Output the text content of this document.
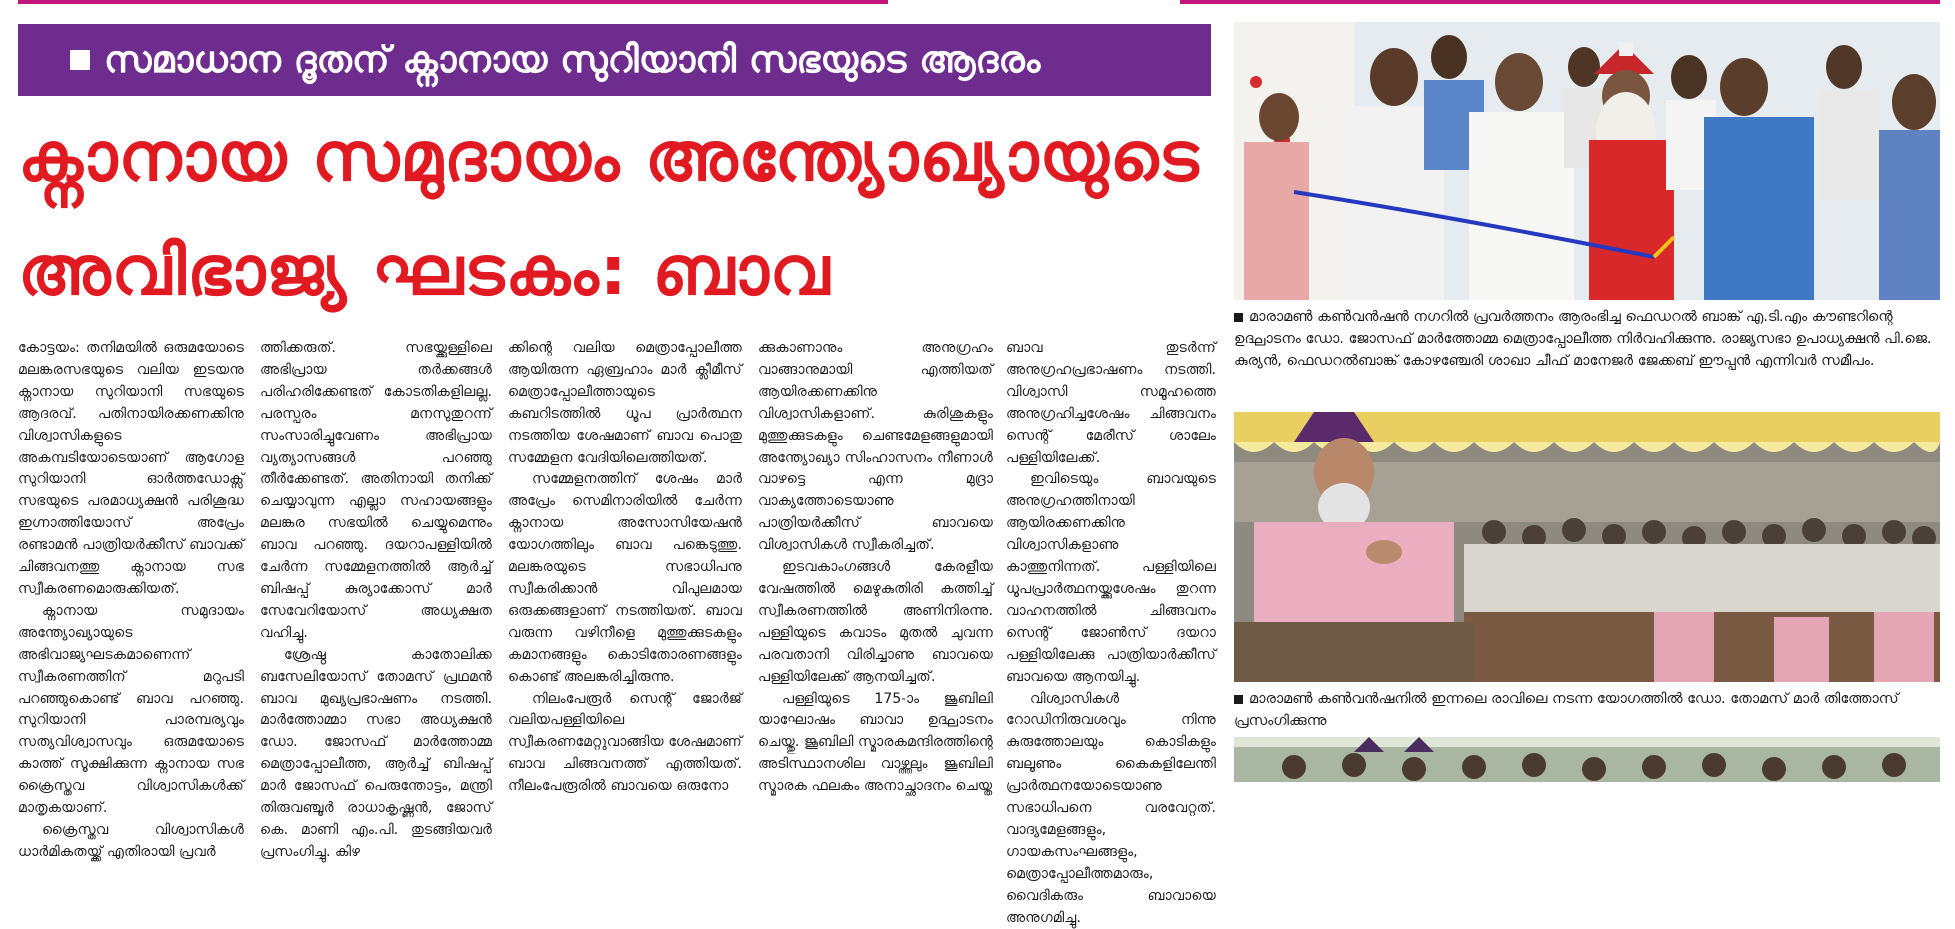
സമാധാന ദൂതന് ക്നാനായ സുറിയാനി സഭയുടെ ആദരം
ക്നാനായ സമുദായം അന്ത്യോഖ്യായുടെ
അവിഭാജ്യ ഘടകം: ബാവ

കോട്ടയം: തനിമയിൽ ഒരുമയോടെ മലങ്കരസഭയുടെ വലിയ ഇടയനു ക്നാനായ സുറിയാനി സഭയുടെ ആദരവ്. പതിനായിരക്കണക്കിനു വിശ്വാസികളുടെ അകമ്പടിയോടെയാണ് ആഗോള സുറിയാനി ഓർത്തഡോക്സ് സഭയുടെ പരമാധ്യക്ഷൻ പരിശുദ്ധ ഇഗ്നാത്തിയോസ് അപ്രേം രണ്ടാമൻ പാത്രിയർക്കീസ് ബാവക്ക് ചിങ്ങവനത്തു ക്നാനായ സഭ സ്വീകരണമൊരുക്കിയത്.

ക്നാനായ സമുദായം അന്ത്യോഖ്യായുടെ അഭിവാജ്യഘടകമാണെന്ന് സ്വീകരണത്തിന് മറുപടി പറഞ്ഞുകൊണ്ട് ബാവ പറഞ്ഞു. സുറിയാനി പാരമ്പര്യവും സത്യവിശ്വാസവും ഒരുമയോടെ കാത്ത് സൂക്ഷിക്കുന്ന ക്നാനായ സഭ ക്രൈസ്തവ വിശ്വാസികൾക്ക് മാതൃകയാണ്.

ക്രൈസ്തവ വിശ്വാസികൾ ധാർമികതയ്ക്ക് എതിരായി പ്രവർ

ത്തിക്കരുത്. സഭയ്ക്കുള്ളിലെ അഭിപ്രായ തർക്കങ്ങൾ പരിഹരിക്കേണ്ടത് കോടതികളിലല്ല. പരസ്പരം മനസുതുറന്ന് സംസാരിച്ചുവേണം അഭിപ്രായ വ്യത്യാസങ്ങൾ പറഞ്ഞു തീർക്കേണ്ടത്. അതിനായി തനിക്ക് ചെയ്യാവുന്ന എല്ലാ സഹായങ്ങളും മലങ്കര സഭയിൽ ചെയ്യുമെന്നും ബാവ പറഞ്ഞു. ദയറാപള്ളിയിൽ ചേർന്ന സമ്മേളനത്തിൽ ആർച്ച് ബിഷപ്പ് കുര്യാക്കോസ് മാർ സേവേറിയോസ് അധ്യക്ഷത വഹിച്ചു.

ശ്രേഷ്ഠ കാതോലിക്ക ബസേലിയോസ് തോമസ് പ്രഥമൻ ബാവ മുഖ്യപ്രഭാഷണം നടത്തി. മാർത്തോമ്മാ സഭാ അധ്യക്ഷൻ ഡോ. ജോസഫ് മാർത്തോമ്മ മെത്രാപ്പോലീത്ത, ആർച്ച് ബിഷപ്പ് മാർ ജോസഫ് പെരുന്തോട്ടം, മന്ത്രി തിരുവഞ്ചൂർ രാധാകൃഷ്ണൻ, ജോസ് കെ. മാണി എം.പി. തുടങ്ങിയവർ പ്രസംഗിച്ചു. കിഴ

ക്കിന്റെ വലിയ മെത്രാപ്പോലീത്ത ആയിരുന്ന ഏബ്രഹാം മാർ ക്ലീമീസ് മെത്രാപ്പോലീത്തായുടെ കബറിടത്തിൽ ധൂപ പ്രാർത്ഥന നടത്തിയ ശേഷമാണ് ബാവ പൊതു സമ്മേളന വേദിയിലെത്തിയത്.

സമ്മേളനത്തിന് ശേഷം മാർ അപ്രേം സെമിനാരിയിൽ ചേർന്ന ക്നാനായ അസോസിയേഷൻ യോഗത്തിലും ബാവ പങ്കെടുത്തു. മലങ്കരയുടെ സഭാധിപനു സ്വീകരിക്കാൻ വിപുലമായ ഒരുക്കങ്ങളാണ് നടത്തിയത്. ബാവ വരുന്ന വഴിനീളെ മുത്തുക്കുടകളും കമാനങ്ങളും കൊടിതോരണങ്ങളും കൊണ്ട് അലങ്കരിച്ചിരുന്നു.

നിലംപേരൂർ സെന്റ് ജോർജ് വലിയപള്ളിയിലെ സ്വീകരണമേറ്റുവാങ്ങിയ ശേഷമാണ് ബാവ ചിങ്ങവനത്ത് എത്തിയത്. നീലംപേരൂരിൽ ബാവയെ ഒരുനോ

ക്കുകാണാനും അനുഗ്രഹം വാങ്ങാനുമായി എത്തിയത് ആയിരക്കണക്കിനു വിശ്വാസികളാണ്. കുരിശുകളും മുത്തുക്കുടകളും ചെണ്ടമേളങ്ങളുമായി അന്ത്യോഖ്യാ സിംഹാസനം നീണാൾ വാഴട്ടെ എന്ന മുദ്രാ വാക്യത്തോടെയാണു പാത്രിയർക്കീസ് ബാവയെ വിശ്വാസികൾ സ്വീകരിച്ചത്.

ഇടവകാംഗങ്ങൾ കേരളീയ വേഷത്തിൽ മെഴുകുതിരി കത്തിച്ച് സ്വീകരണത്തിൽ അണിനിരന്നു. പള്ളിയുടെ കവാടം മുതൽ ചുവന്ന പരവതാനി വിരിച്ചാണു ബാവയെ പള്ളിയിലേക്ക് ആനയിച്ചത്.

പള്ളിയുടെ 175-ാം ജൂബിലി യാഘോഷം ബാവാ ഉദ്ഘാടനം ചെയ്തു. ജൂബിലി സ്മാരകമന്ദിരത്തിന്റെ അടിസ്ഥാനശില വാഴ്ത്തലും ജൂബിലി സ്മാരക ഫലകം അനാച്ഛാദനം ചെയ്ത

ബാവ തുടർന്ന് അനുഗ്രഹപ്രഭാഷണം നടത്തി. വിശ്വാസി സമൂഹത്തെ അനുഗ്രഹിച്ചശേഷം ചിങ്ങവനം സെന്റ് മേരീസ് ശാലേം പള്ളിയിലേക്ക്.

ഇവിടെയും ബാവയുടെ അനുഗ്രഹത്തിനായി ആയിരക്കണക്കിനു വിശ്വാസികളാണു കാത്തുനിന്നത്. പള്ളിയിലെ ധൂപപ്രാർത്ഥനയ്ക്കുശേഷം തുറന്ന വാഹനത്തിൽ ചിങ്ങവനം സെന്റ് ജോൺസ് ദയറാ പള്ളിയിലേക്കു പാത്രിയാർക്കീസ് ബാവയെ ആനയിച്ചു.

വിശ്വാസികൾ റോഡിനിരുവശവും നിന്നു കുരുത്തോലയും കൊടികളും ബലൂണും കൈകളിലേന്തി പ്രാർത്ഥനയോടെയാണു സഭാധിപനെ വരവേറ്റത്. വാദ്യമേളങ്ങളും, ഗായകസംഘങ്ങളും, മെത്രാപ്പോലീത്തമാരും, വൈദികരും ബാവായെ അനുഗമിച്ചു.

മാരാമൺ കൺവൻഷൻ നഗറിൽ പ്രവർത്തനം ആരംഭിച്ച ഫെഡറൽ ബാങ്ക് എ.ടി.എം കൗണ്ടറിന്റെ ഉദ്ഘാടനം ഡോ. ജോസഫ് മാർത്തോമ്മ മെത്രാപ്പോലീത്ത നിർവഹിക്കുന്നു. രാജ്യസഭാ ഉപാധ്യക്ഷൻ പി.ജെ. കുര്യൻ, ഫെഡറൽബാങ്ക് കോഴഞ്ചേരി ശാഖാ ചീഫ് മാനേജർ ജേക്കബ് ഈപ്പൻ എന്നിവർ സമീപം.
മാരാമൺ കൺവൻഷനിൽ ഇന്നലെ രാവിലെ നടന്ന യോഗത്തിൽ ഡോ. തോമസ് മാർ തിത്തോസ് പ്രസംഗിക്കുന്നു
